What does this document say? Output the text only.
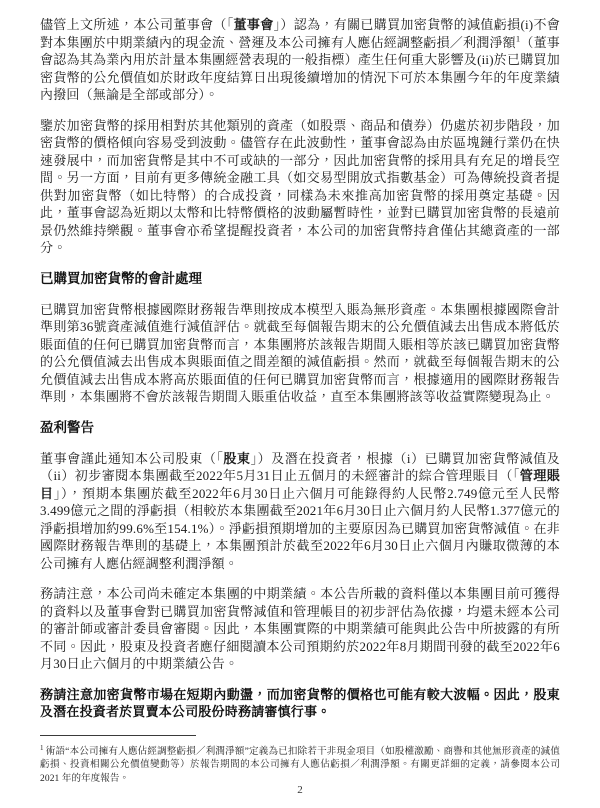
儘管上文所述，本公司董事會（「董事會」）認為，有關已購買加密貨幣的減值虧損(i)不會對本集團於中期業績內的現金流、營運及本公司擁有人應佔經調整虧損／利潤淨額$^1$（董事會認為其為業內用於計量本集團經營表現的一般指標）產生任何重大影響及(ii)於已購買加密貨幣的公允價值如於財政年度結算日出現後續增加的情況下可於本集團今年的年度業績內撥回（無論是全部或部分）。

鑒於加密貨幣的採用相對於其他類別的資產（如股票、商品和債券）仍處於初步階段，加密貨幣的價格傾向容易受到波動。儘管存在此波動性，董事會認為由於區塊鏈行業仍在快速發展中，而加密貨幣是其中不可或缺的一部分，因此加密貨幣的採用具有充足的增長空間。另一方面，目前有更多傳統金融工具（如交易型開放式指數基金）可為傳統投資者提供對加密貨幣（如比特幣）的合成投資，同樣為未來推高加密貨幣的採用奠定基礎。因此，董事會認為近期以太幣和比特幣價格的波動屬暫時性，並對已購買加密貨幣的長遠前景仍然維持樂觀。董事會亦希望提醒投資者，本公司的加密貨幣持倉僅佔其總資產的一部分。

已購買加密貨幣的會計處理

已購買加密貨幣根據國際財務報告準則按成本模型入賬為無形資產。本集團根據國際會計準則第36號資產減值進行減值評估。就截至每個報告期末的公允價值減去出售成本將低於賬面值的任何已購買加密貨幣而言，本集團將於該報告期間入賬相等於該已購買加密貨幣的公允價值減去出售成本與賬面值之間差額的減值虧損。然而，就截至每個報告期末的公允價值減去出售成本將高於賬面值的任何已購買加密貨幣而言，根據適用的國際財務報告準則，本集團將不會於該報告期間入賬重估收益，直至本集團將該等收益實際變現為止。

盈利警告

董事會謹此通知本公司股東（「股東」）及潛在投資者，根據（i）已購買加密貨幣減值及（ii）初步審閱本集團截至2022年5月31日止五個月的未經審計的綜合管理賬目（「管理賬目」），預期本集團於截至2022年6月30日止六個月可能錄得約人民幣2.749億元至人民幣3.499億元之間的淨虧損（相較於本集團截至2021年6月30日止六個月約人民幣1.377億元的淨虧損增加約99.6%至154.1%）。淨虧損預期增加的主要原因為已購買加密貨幣減值。在非國際財務報告準則的基礎上，本集團預計於截至2022年6月30日止六個月內賺取微薄的本公司擁有人應佔經調整利潤淨額。

務請注意，本公司尚未確定本集團的中期業績。本公告所載的資料僅以本集團目前可獲得的資料以及董事會對已購買加密貨幣減值和管理帳目的初步評估為依據，均還未經本公司的審計師或審計委員會審閱。因此，本集團實際的中期業績可能與此公告中所披露的有所不同。因此，股東及投資者應仔細閱讀本公司預期約於2022年8月期間刊發的截至2022年6月30日止六個月的中期業績公告。

務請注意加密貨幣市場在短期內動盪，而加密貨幣的價格也可能有較大波幅。因此，股東及潛在投資者於買賣本公司股份時務請審慎行事。

$^1$ 術語“本公司擁有人應佔經調整虧損／利潤淨額”定義為已扣除若干非現金項目（如股權激勵、商譽和其他無形資產的減值虧損、投資相關公允價值變動等）於報告期間的本公司擁有人應佔虧損／利潤淨額。有關更詳細的定義，請參閱本公司 2021 年的年度報告。
2
